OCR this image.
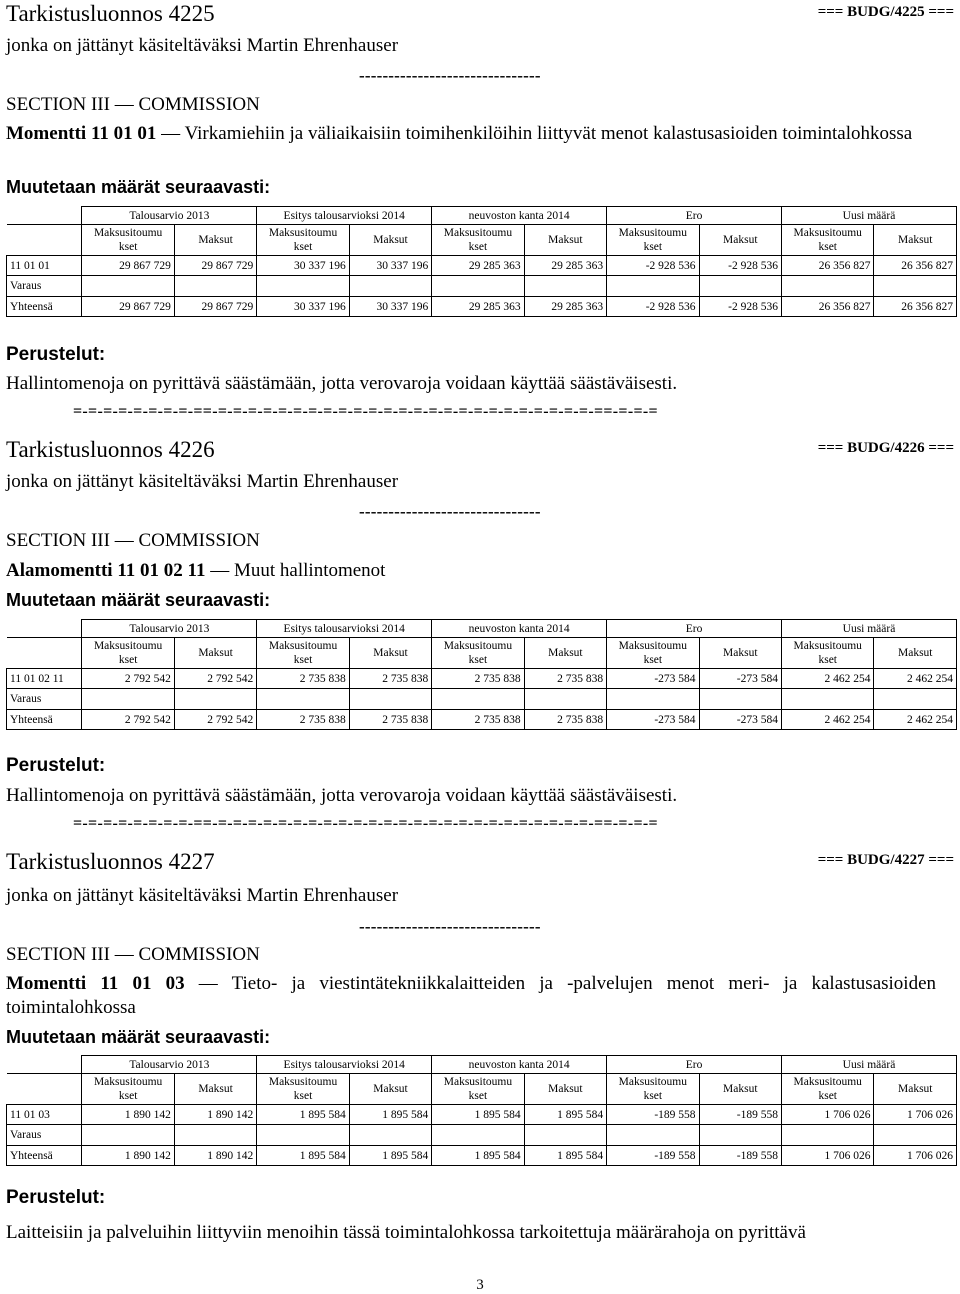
Tarkistusluonnos 4225	=== BUDG/4225 ===
jonka on jättänyt käsiteltäväksi Martin Ehrenhauser
-------------------------------
SECTION III — COMMISSION
Momentti 11 01 01 — Virkamiehiin ja väliaikaisiin toimihenkilöihin liittyvät menot kalastusasioiden toimintalohkossa
Muutetaan määrät seuraavasti:
	Talousarvio 2013		Esitys talousarvioksi 2014		neuvoston kanta 2014		Ero		Uusi määrä	
	Maksusitoumu kset	Maksut	Maksusitoumu kset	Maksut	Maksusitoumu kset	Maksut	Maksusitoumu kset	Maksut	Maksusitoumu kset	Maksut
11 01 01	29 867 729	29 867 729	30 337 196	30 337 196	29 285 363	29 285 363	-2 928 536	-2 928 536	26 356 827	26 356 827
Varaus										
Yhteensä	29 867 729	29 867 729	30 337 196	30 337 196	29 285 363	29 285 363	-2 928 536	-2 928 536	26 356 827	26 356 827
Perustelut:
Hallintomenoja on pyrittävä säästämään, jotta verovaroja voidaan käyttää säästäväisesti.
=-=-=-=-=-=-=-=-==-=-=-=-=-=-=-=-=-=-=-=-=-=-=-=-=-=-=-=-=-=-=-=-=-=-==-=-=-=
Tarkistusluonnos 4226	=== BUDG/4226 ===
jonka on jättänyt käsiteltäväksi Martin Ehrenhauser
-------------------------------
SECTION III — COMMISSION
Alamomentti 11 01 02 11 — Muut hallintomenot
Muutetaan määrät seuraavasti:
	Talousarvio 2013		Esitys talousarvioksi 2014		neuvoston kanta 2014		Ero		Uusi määrä	
	Maksusitoumu kset	Maksut	Maksusitoumu kset	Maksut	Maksusitoumu kset	Maksut	Maksusitoumu kset	Maksut	Maksusitoumu kset	Maksut
11 01 02 11	2 792 542	2 792 542	2 735 838	2 735 838	2 735 838	2 735 838	-273 584	-273 584	2 462 254	2 462 254
Varaus										
Yhteensä	2 792 542	2 792 542	2 735 838	2 735 838	2 735 838	2 735 838	-273 584	-273 584	2 462 254	2 462 254
Perustelut:
Hallintomenoja on pyrittävä säästämään, jotta verovaroja voidaan käyttää säästäväisesti.
=-=-=-=-=-=-=-=-==-=-=-=-=-=-=-=-=-=-=-=-=-=-=-=-=-=-=-=-=-=-=-=-=-=-==-=-=-=
Tarkistusluonnos 4227	=== BUDG/4227 ===
jonka on jättänyt käsiteltäväksi Martin Ehrenhauser
-------------------------------
SECTION III — COMMISSION
Momentti 11 01 03 — Tieto- ja viestintätekniikkalaitteiden ja -palvelujen menot meri- ja kalastusasioiden toimintalohkossa
Muutetaan määrät seuraavasti:
	Talousarvio 2013		Esitys talousarvioksi 2014		neuvoston kanta 2014		Ero		Uusi määrä	
	Maksusitoumu kset	Maksut	Maksusitoumu kset	Maksut	Maksusitoumu kset	Maksut	Maksusitoumu kset	Maksut	Maksusitoumu kset	Maksut
11 01 03	1 890 142	1 890 142	1 895 584	1 895 584	1 895 584	1 895 584	-189 558	-189 558	1 706 026	1 706 026
Varaus										
Yhteensä	1 890 142	1 890 142	1 895 584	1 895 584	1 895 584	1 895 584	-189 558	-189 558	1 706 026	1 706 026
Perustelut:
Laitteisiin ja palveluihin liittyviin menoihin tässä toimintalohkossa tarkoitettuja määrärahoja on pyrittävä
3
